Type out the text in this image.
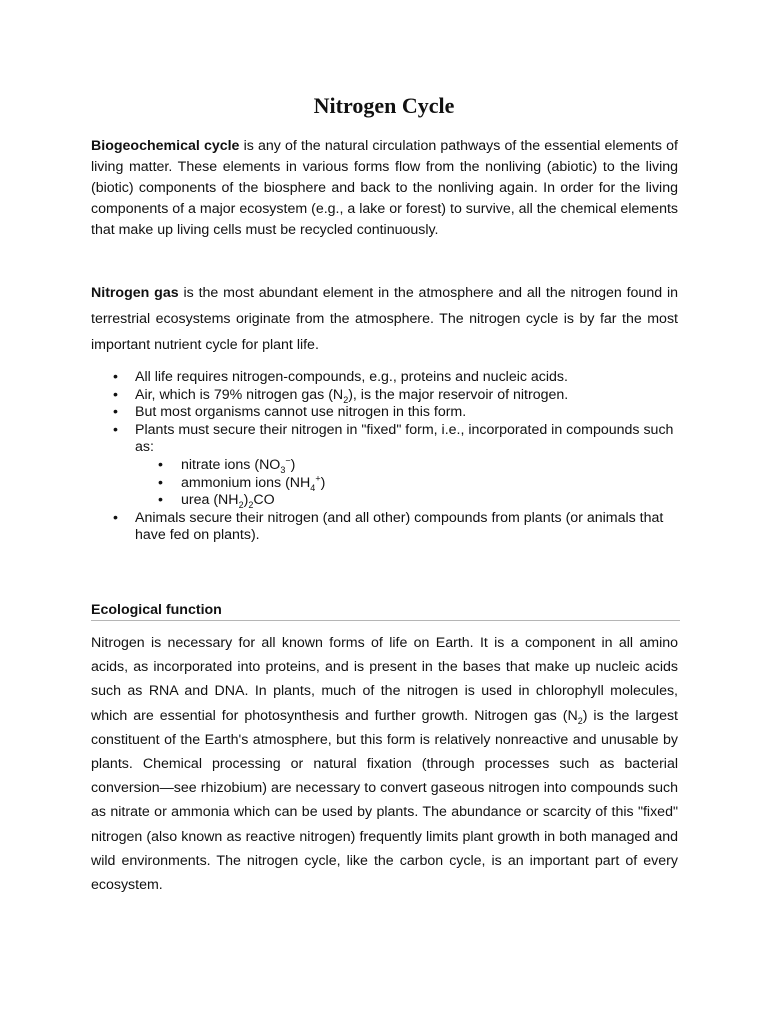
Nitrogen Cycle

Biogeochemical cycle is any of the natural circulation pathways of the essential elements of living matter. These elements in various forms flow from the nonliving (abiotic) to the living (biotic) components of the biosphere and back to the nonliving again. In order for the living components of a major ecosystem (e.g., a lake or forest) to survive, all the chemical elements that make up living cells must be recycled continuously.

Nitrogen gas is the most abundant element in the atmosphere and all the nitrogen found in terrestrial ecosystems originate from the atmosphere. The nitrogen cycle is by far the most important nutrient cycle for plant life.

• All life requires nitrogen-compounds, e.g., proteins and nucleic acids.
• Air, which is 79% nitrogen gas $(N_2)$, is the major reservoir of nitrogen.
• But most organisms cannot use nitrogen in this form.
• Plants must secure their nitrogen in "fixed" form, i.e., incorporated in compounds such as:
• nitrate ions $(NO_3^-)$
• ammonium ions $(NH_4^+)$
• urea $(NH_2)_2CO$
• Animals secure their nitrogen (and all other) compounds from plants (or animals that have fed on plants).
Ecological function

Nitrogen is necessary for all known forms of life on Earth. It is a component in all amino acids, as incorporated into proteins, and is present in the bases that make up nucleic acids such as RNA and DNA. In plants, much of the nitrogen is used in chlorophyll molecules, which are essential for photosynthesis and further growth. Nitrogen gas $(N_2)$ is the largest constituent of the Earth's atmosphere, but this form is relatively nonreactive and unusable by plants. Chemical processing or natural fixation (through processes such as bacterial conversion—see rhizobium) are necessary to convert gaseous nitrogen into compounds such as nitrate or ammonia which can be used by plants. The abundance or scarcity of this "fixed" nitrogen (also known as reactive nitrogen) frequently limits plant growth in both managed and wild environments. The nitrogen cycle, like the carbon cycle, is an important part of every ecosystem.
